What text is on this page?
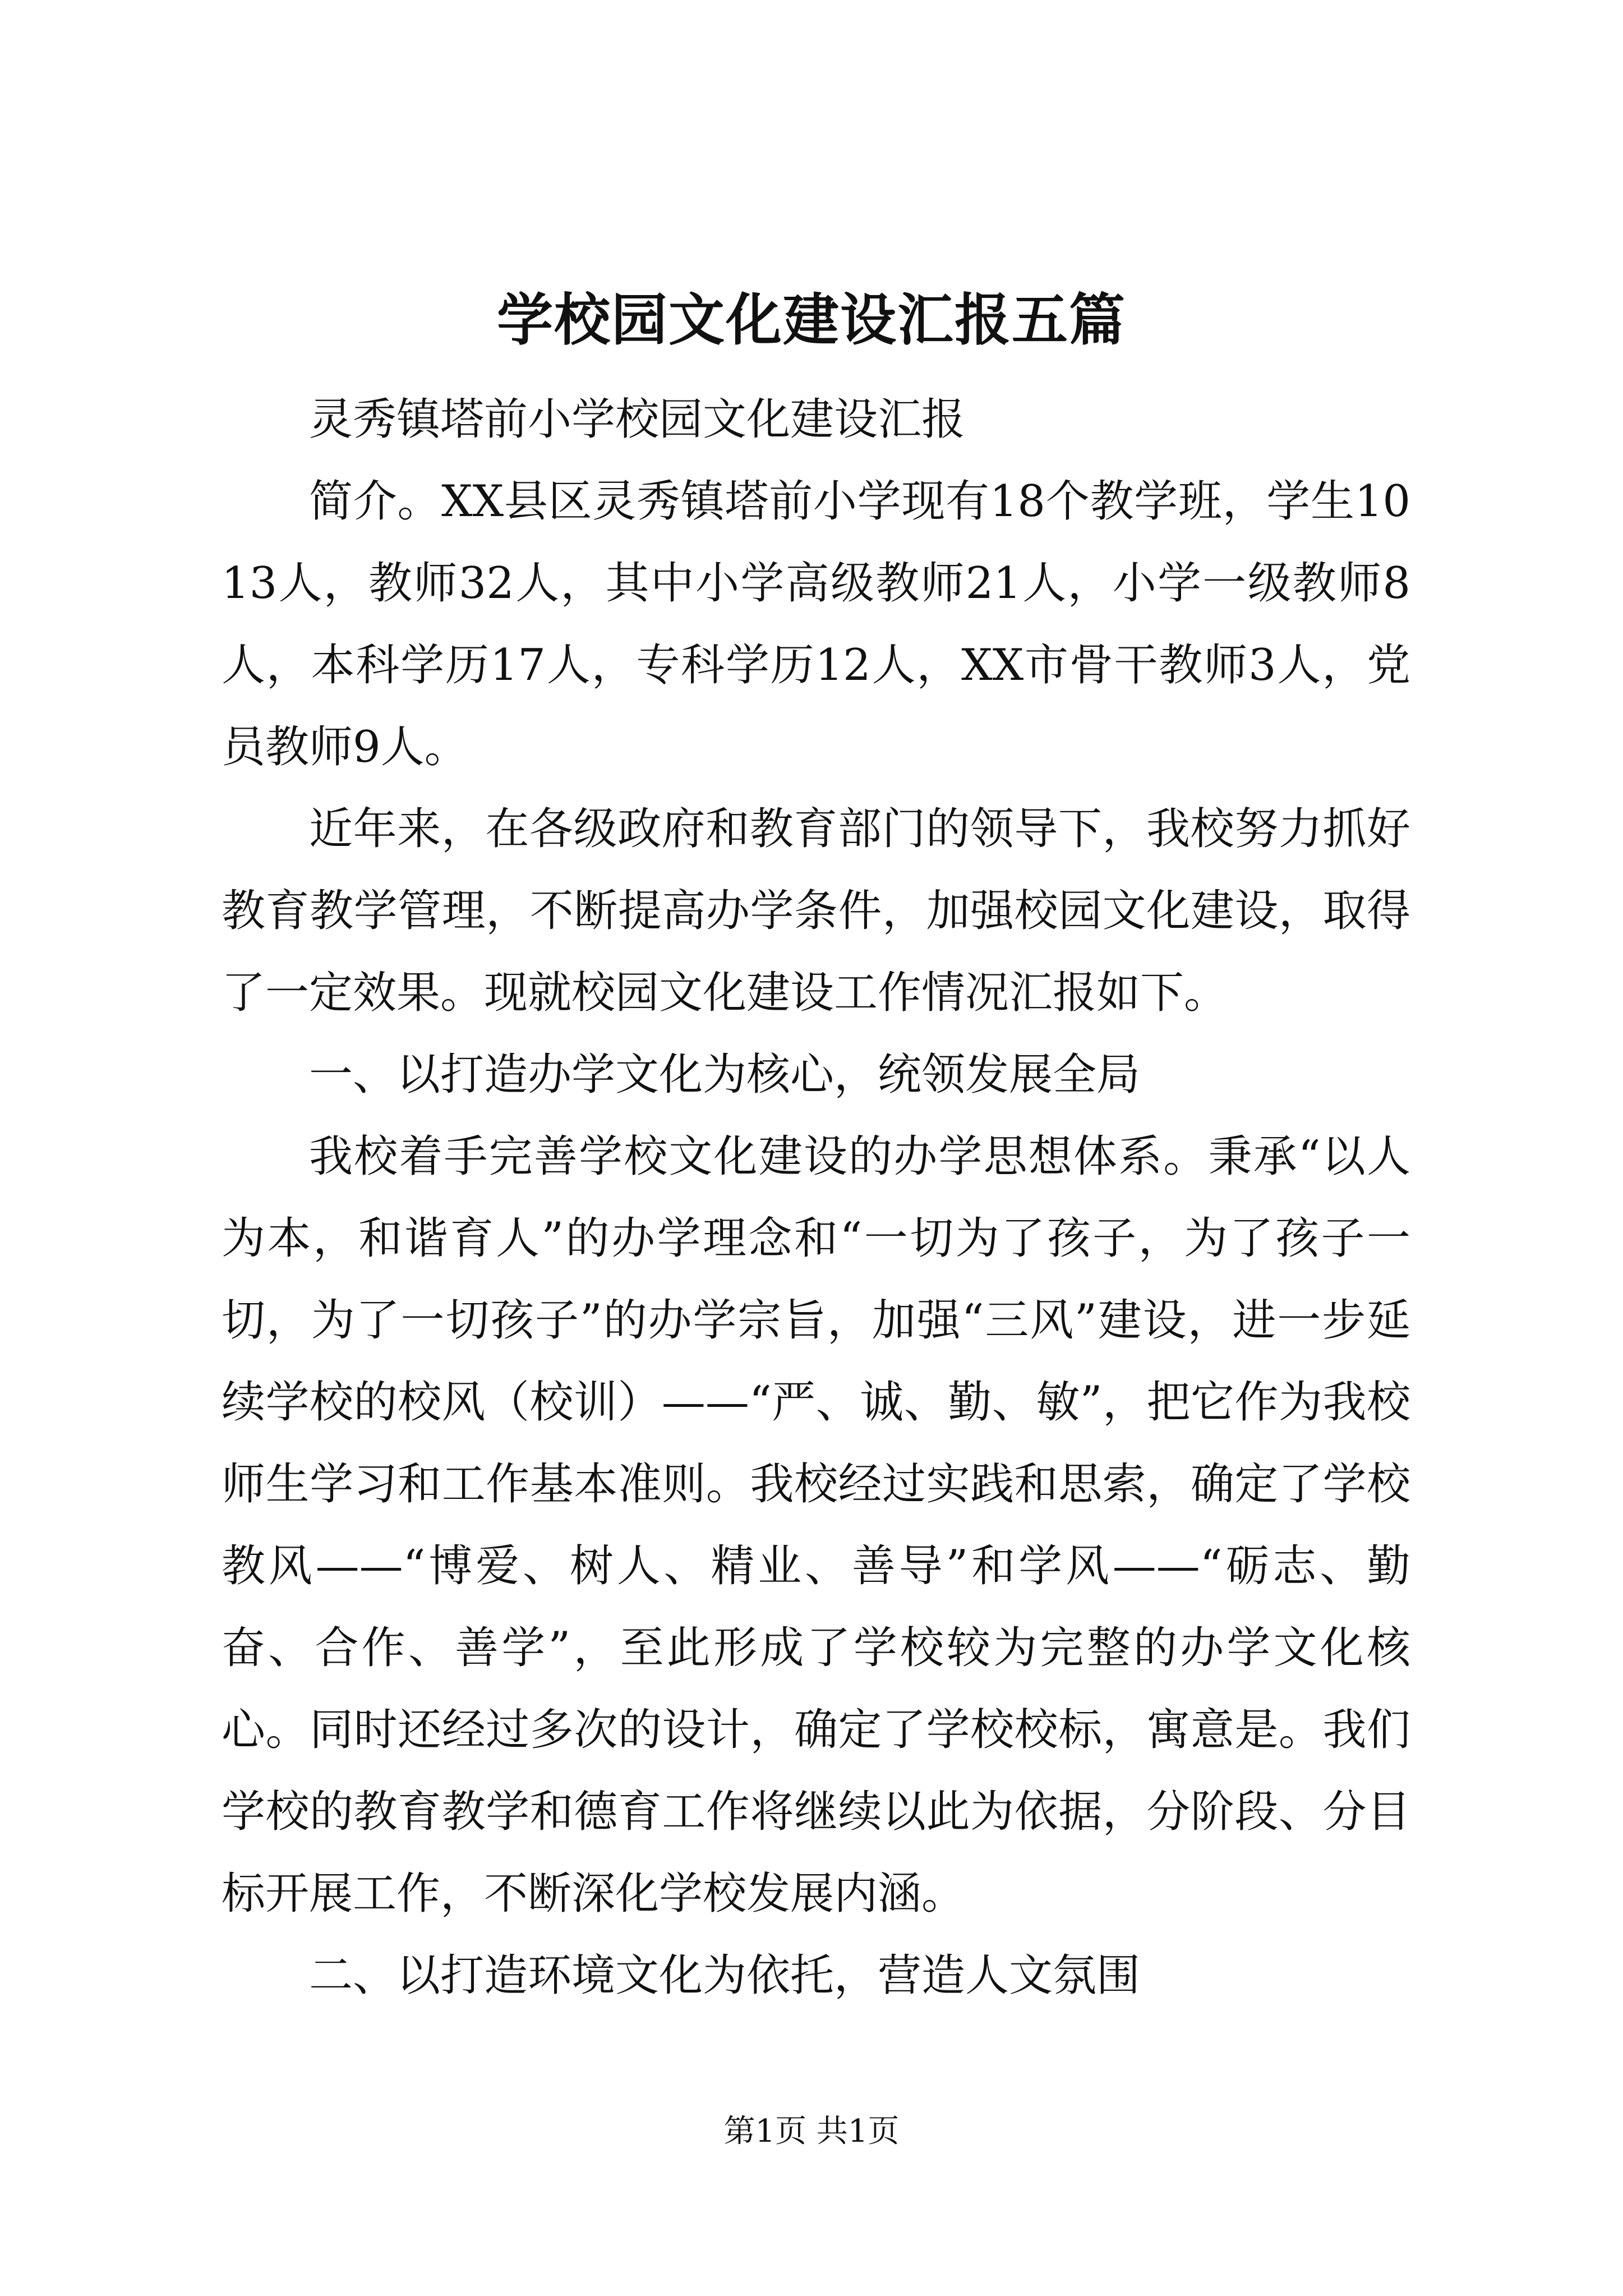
学校园文化建设汇报五篇

灵秀镇塔前小学校园文化建设汇报

简介。XX县区灵秀镇塔前小学现有18个教学班，学生1013人，教师32人，其中小学高级教师21人，小学一级教师8人，本科学历17人，专科学历12人，XX市骨干教师3人，党员教师9人。

近年来，在各级政府和教育部门的领导下，我校努力抓好教育教学管理，不断提高办学条件，加强校园文化建设，取得了一定效果。现就校园文化建设工作情况汇报如下。

一、以打造办学文化为核心，统领发展全局

我校着手完善学校文化建设的办学思想体系。秉承“以人为本，和谐育人”的办学理念和“一切为了孩子，为了孩子一切，为了一切孩子”的办学宗旨，加强“三风”建设，进一步延续学校的校风（校训）——“严、诚、勤、敏”，把它作为我校师生学习和工作基本准则。我校经过实践和思索，确定了学校教风——“博爱、树人、精业、善导”和学风——“砺志、勤奋、合作、善学”，至此形成了学校较为完整的办学文化核心。同时还经过多次的设计，确定了学校校标，寓意是。我们学校的教育教学和德育工作将继续以此为依据，分阶段、分目标开展工作，不断深化学校发展内涵。

二、以打造环境文化为依托，营造人文氛围

第1页 共1页
